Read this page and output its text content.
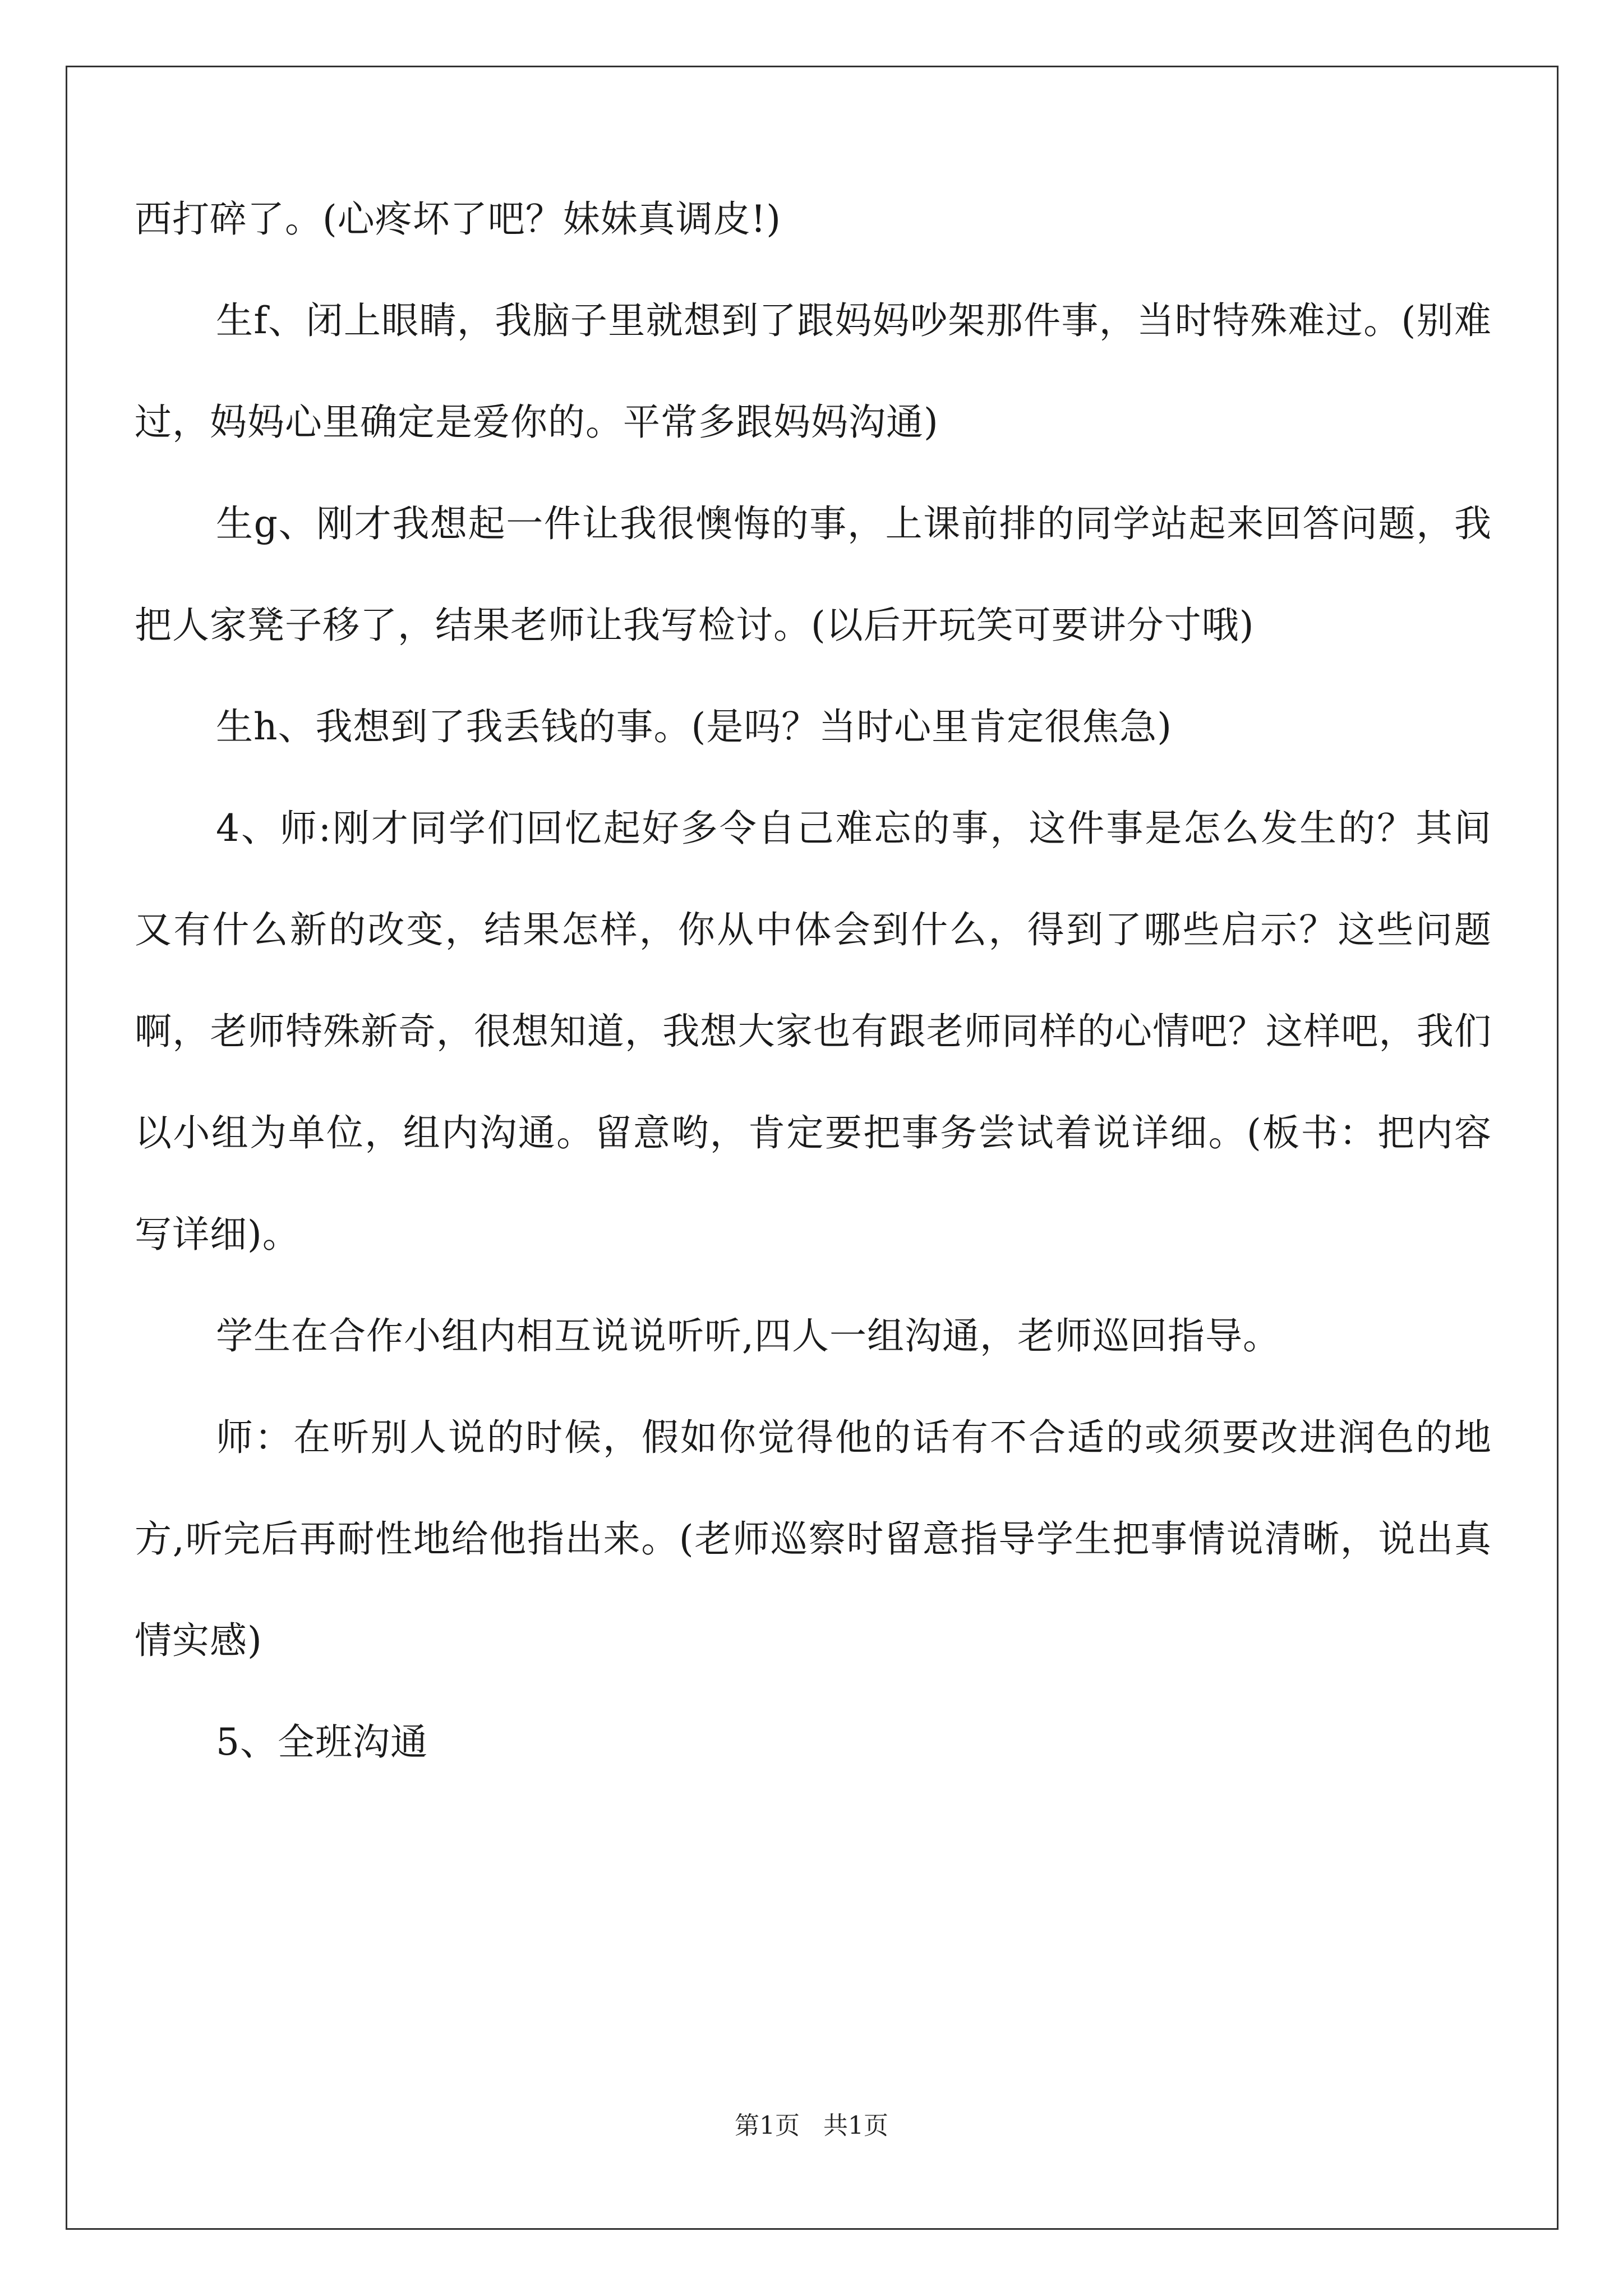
西打碎了。(心疼坏了吧？妹妹真调皮!)

生f、闭上眼睛，我脑子里就想到了跟妈妈吵架那件事，当时特殊难过。(别难过，妈妈心里确定是爱你的。平常多跟妈妈沟通)

生g、刚才我想起一件让我很懊悔的事，上课前排的同学站起来回答问题，我把人家凳子移了，结果老师让我写检讨。(以后开玩笑可要讲分寸哦)

生h、我想到了我丢钱的事。(是吗？当时心里肯定很焦急)

4、师:刚才同学们回忆起好多令自己难忘的事，这件事是怎么发生的？其间又有什么新的改变，结果怎样，你从中体会到什么，得到了哪些启示？这些问题啊，老师特殊新奇，很想知道，我想大家也有跟老师同样的心情吧？这样吧，我们以小组为单位，组内沟通。留意哟，肯定要把事务尝试着说详细。(板书：把内容写详细)。

学生在合作小组内相互说说听听,四人一组沟通，老师巡回指导。

师：在听别人说的时候，假如你觉得他的话有不合适的或须要改进润色的地方,听完后再耐性地给他指出来。(老师巡察时留意指导学生把事情说清晰，说出真情实感)

5、全班沟通

第1页 共1页
